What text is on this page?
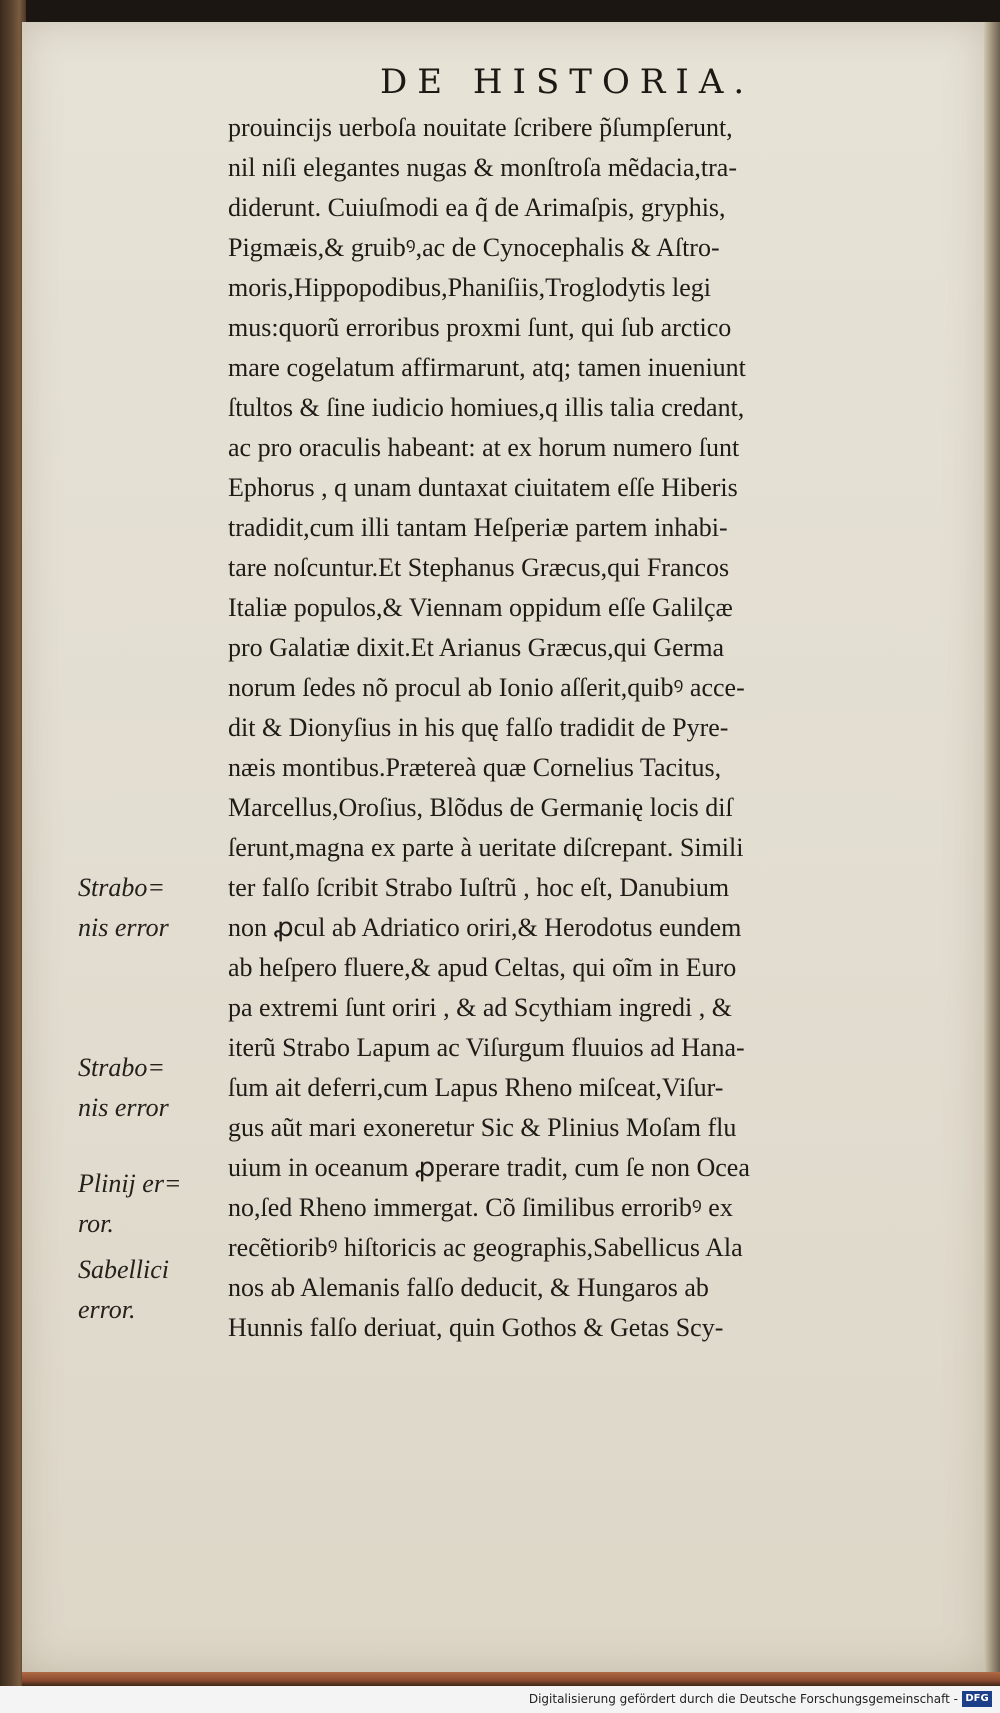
DE HISTORIA.
prouincijs uerboſa nouitate ſcribere p̃ſumpſerunt,
nil niſi elegantes nugas & monſtroſa mẽdacia,tra-
diderunt. Cuiuſmodi ea q̃ de Arimaſpis, gryphis,
Pigmæis,& gruibꝰ,ac de Cynocephalis & Aſtro-
moris,Hippopodibus,Phaniſiis,Troglodytis legi
mus:quorũ erroribus proxmi ſunt, qui ſub arctico
mare cogelatum affirmarunt, atq; tamen inueniunt
ſtultos & ſine iudicio homiues,q illis talia credant,
ac pro oraculis habeant: at ex horum numero ſunt
Ephorus , q unam duntaxat ciuitatem eſſe Hiberis
tradidit,cum illi tantam Heſperiæ partem inhabi-
tare noſcuntur.Et Stephanus Græcus,qui Francos
Italiæ populos,& Viennam oppidum eſſe Galilçæ
pro Galatiæ dixit.Et Arianus Græcus,qui Germa
norum ſedes nõ procul ab Ionio aſſerit,quibꝰ acce-
dit & Dionyſius in his quę falſo tradidit de Pyre-
næis montibus.Prætereà quæ Cornelius Tacitus,
Marcellus,Oroſius, Blõdus de Germanię locis diſ
ſerunt,magna ex parte à ueritate diſcrepant. Simili
ter falſo ſcribit Strabo Iuſtrũ , hoc eſt, Danubium
non ꝓcul ab Adriatico oriri,& Herodotus eundem
ab heſpero fluere,& apud Celtas, qui oĩm in Euro
pa extremi ſunt oriri , & ad Scythiam ingredi , &
iterũ Strabo Lapum ac Viſurgum fluuios ad Hana-
ſum ait deferri,cum Lapus Rheno miſceat,Viſur-
gus aũt mari exoneretur Sic & Plinius Moſam flu
uium in oceanum ꝓperare tradit, cum ſe non Ocea
no,ſed Rheno immergat. Cõ ſimilibus erroribꝰ ex
recẽtioribꝰ hiſtoricis ac geographis,Sabellicus Ala
nos ab Alemanis falſo deducit, & Hungaros ab
Hunnis falſo deriuat, quin Gothos & Getas Scy-
Strabo=
nis error
Strabo=
nis error
Plinij er=
ror.
Sabellici
error.
Digitalisierung gefördert durch die Deutsche Forschungsgemeinschaft - DFG
